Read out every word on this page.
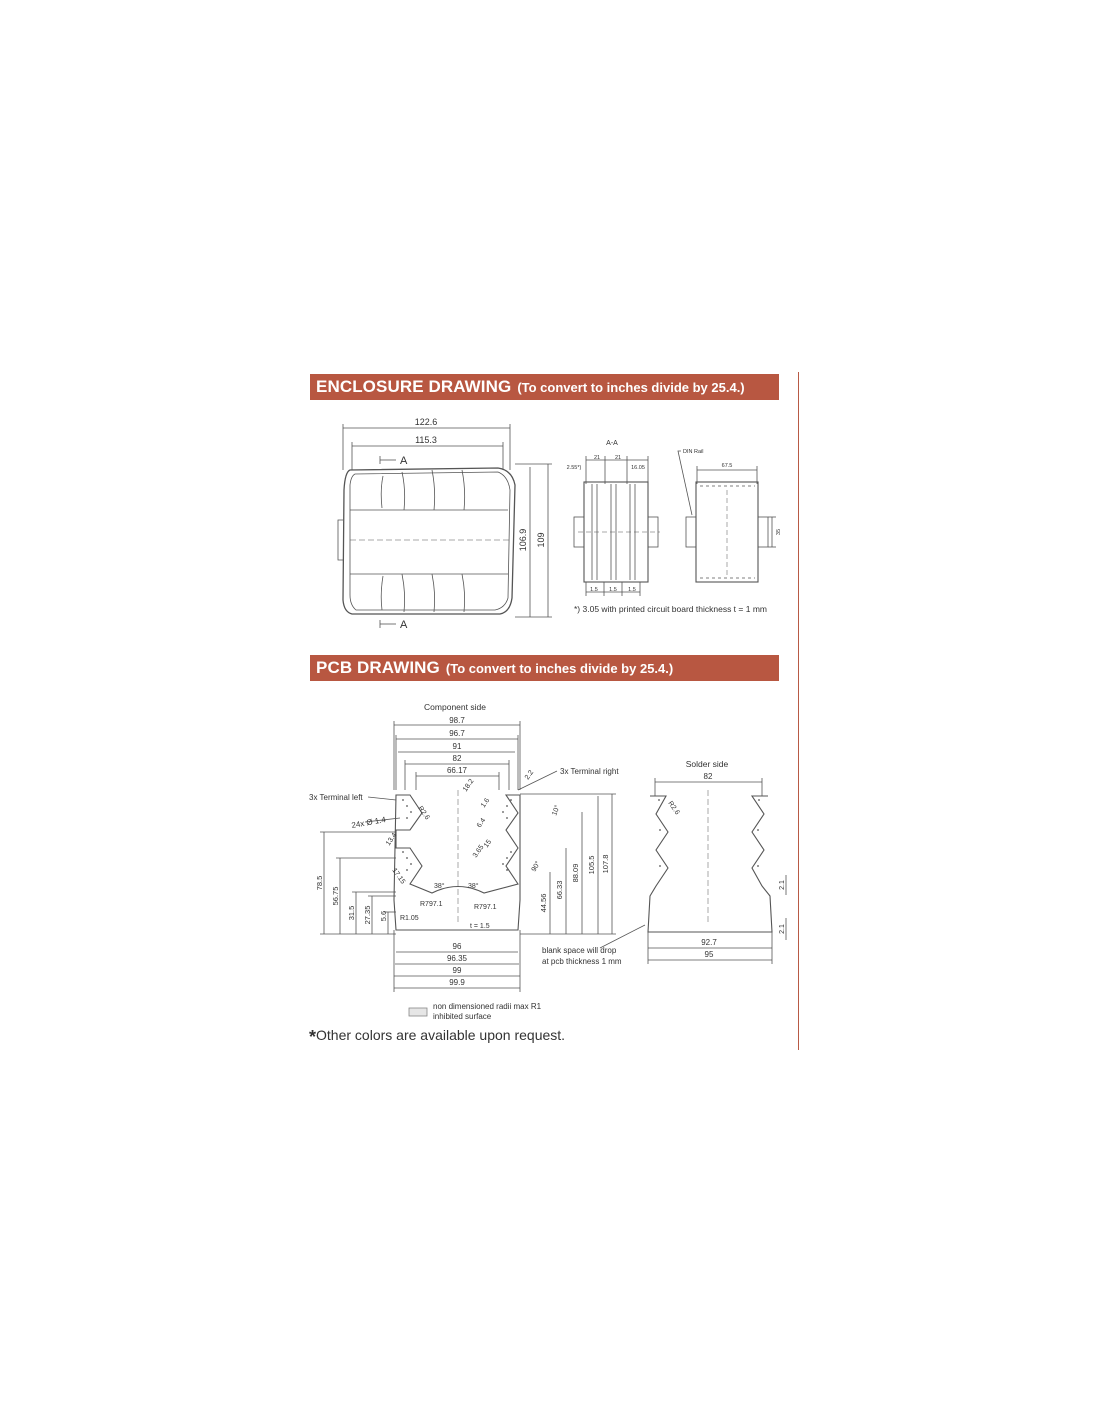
ENCLOSURE DRAWING (To convert to inches divide by 25.4.)
PCB DRAWING (To convert to inches divide by 25.4.)
122.6
115.3
106.9 109
A
A
A-A
2.55*)
21	21
16.05
1.5 1.5 1.5
DIN Rail
67.5
35
*) 3.05 with printed circuit board thickness t = 1 mm
Component side
98.7
96.7
91
82
66.17
3x Terminal left
3x Terminal right
24x Ø 1.4
R2.6
18.2
1.6
2.2
6.4
13.4
3.65
15
17.15
10°
90°
38°	38°
R797.1	R797.1
R1.05
t = 1.5
78.5
56.75
31.5 27.35 5.6
44.56
66.33
88.09 105.5 107.8
96
96.35
99
99.9
Solder side
82
R2.6
92.7
95
2.1
2.1
blank space will drop
at pcb thickness 1 mm
non dimensioned radii max R1
inhibited surface
*Other colors are available upon request.
